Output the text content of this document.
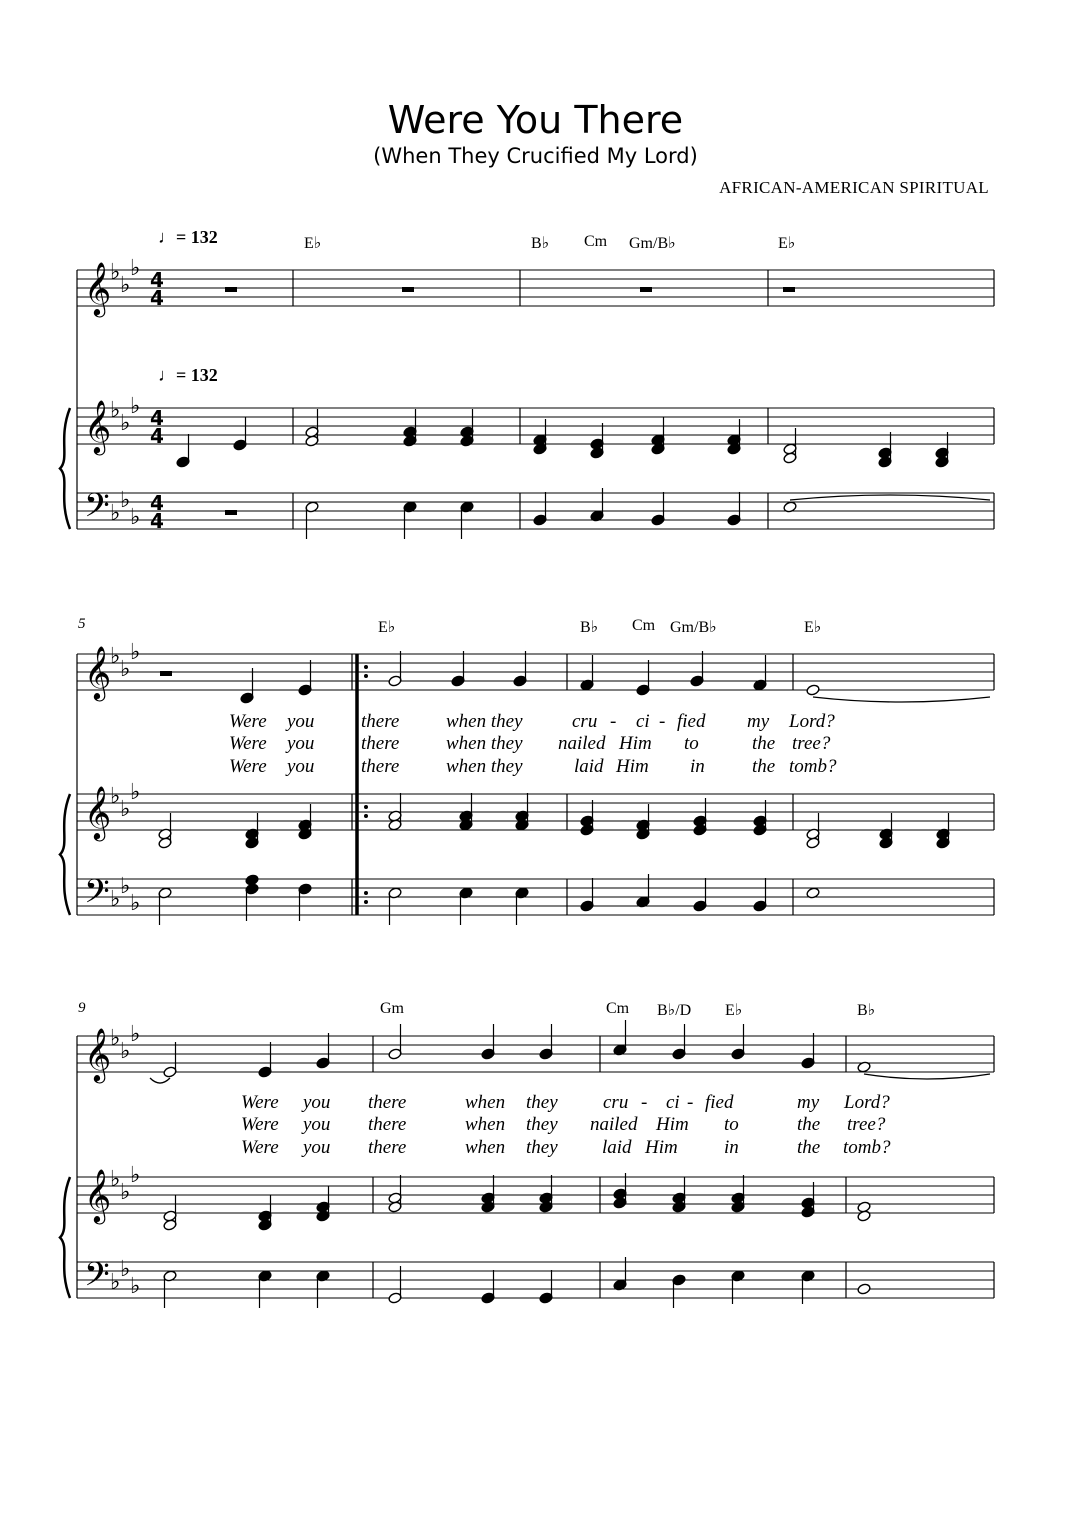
Were You There
(When They Crucified My Lord)
AFRICAN-AMERICAN SPIRITUAL
♩= 132
♩= 132
E♭	B♭ Cm Gm/B♭	E♭
5	E♭	B♭ Cm Gm/B♭	E♭
Were you there when they	cru - ci - fied my Lord?
Were you there when they nailed Him to	the tree?
Were you there when they	laid Him in the tomb?
9	Gm	Cm B♭/D E♭	B♭
Were you there	when they cru - ci - fied	my Lord?
Were you there	when they nailed Him to	the tree?
Were you there	when they laid Him in	the tomb?
𝄞
♭
♭
♭ 4
4
𝄞
♭
♭
♭ 4
4
𝄢 ♭
♭
♭
4
4
𝄞
♭
♭
♭
𝄞
♭
♭
♭
𝄢 ♭
♭
♭
𝄞
♭
♭
♭
𝄞
♭
♭
♭
𝄢 ♭
♭
♭
